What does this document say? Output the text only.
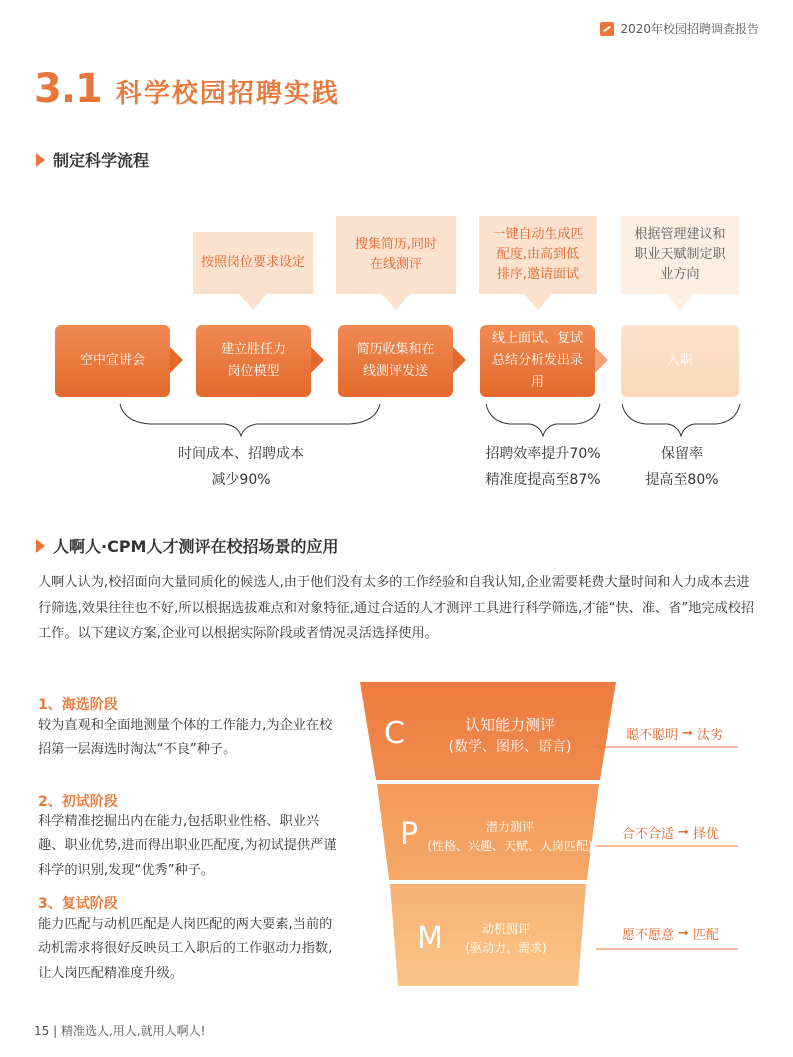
2020年校园招聘调查报告
3.1 科学校园招聘实践
制定科学流程
按照岗位要求设定
搜集简历,同时
在线测评
一键自动生成匹
配度,由高到低
排序,邀请面试
根据管理建议和
职业天赋制定职
业方向
空中宣讲会
建立胜任力
岗位模型
简历收集和在
线测评发送
线上面试、复试
总结分析发出录用
入职
时间成本、招聘成本
减少90%
招聘效率提升70%
精准度提高至87%
保留率
提高至80%
人啊人·CPM人才测评在校招场景的应用
人啊人认为,校招面向大量同质化的候选人,由于他们没有太多的工作经验和自我认知,企业需要耗费大量时间和人力成本去进行筛选,效果往往也不好,所以根据选拔难点和对象特征,通过合适的人才测评工具进行科学筛选,才能“快、准、省”地完成校招工作。以下建议方案,企业可以根据实际阶段或者情况灵活选择使用。
1、海选阶段
较为直观和全面地测量个体的工作能力,为企业在校招第一层海选时淘汰“不良”种子。
2、初试阶段
科学精准挖掘出内在能力,包括职业性格、职业兴趣、职业优势,进而得出职业匹配度,为初试提供严谨科学的识别,发现“优秀”种子。
3、复试阶段
能力匹配与动机匹配是人岗匹配的两大要素,当前的动机需求将很好反映员工入职后的工作驱动力指数,让人岗匹配精准度升级。
C	认知能力测评
(数学、图形、语言)
P	潜力测评
(性格、兴趣、天赋、人岗匹配)
M	动机测评
(驱动力、需求)
聪不聪明 ➞ 汰劣
合不合适 ➞ 择优
愿不愿意 ➞ 匹配
15 | 精准选人,用人,就用人啊人!
